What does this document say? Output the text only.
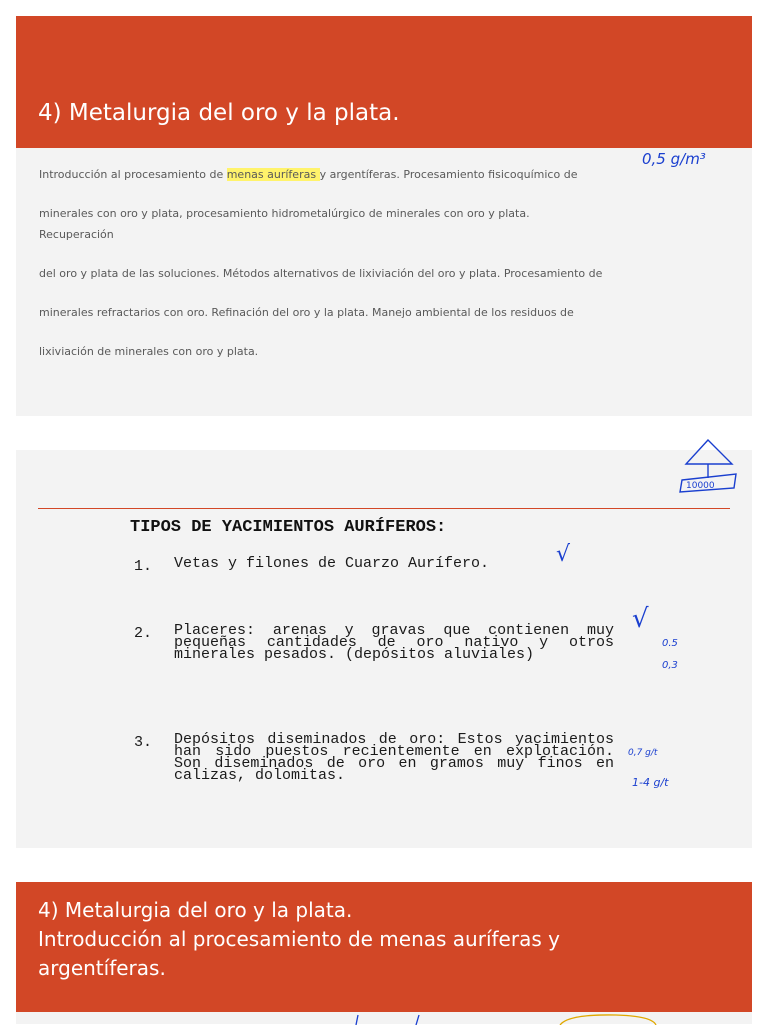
4) Metalurgia del oro y la plata.

Introducción al procesamiento de menas auríferas y argentíferas. Procesamiento fisicoquímico de

minerales con oro y plata, procesamiento hidrometalúrgico de minerales con oro y plata.

Recuperación

del oro y plata de las soluciones. Métodos alternativos de lixiviación del oro y plata. Procesamiento de

minerales refractarios con oro. Refinación del oro y la plata. Manejo ambiental de los residuos de

lixiviación de minerales con oro y plata.

0,5 g/m³
10000
TIPOS DE YACIMIENTOS AURÍFEROS:
1. Vetas y filones de Cuarzo Aurífero.
2. Placeres: arenas y gravas que contienen muy pequeñas cantidades de oro nativo y otros minerales pesados. (depósitos aluviales)
3. Depósitos diseminados de oro: Estos yacimientos han sido puestos recientemente en explotación. Son diseminados de oro en gramos muy finos en calizas, dolomitas.
√
√
0.5
0,3
0,7 g/t
1-4 g/t
4) Metalurgia del oro y la plata.
Introducción al procesamiento de menas auríferas y
argentíferas.
